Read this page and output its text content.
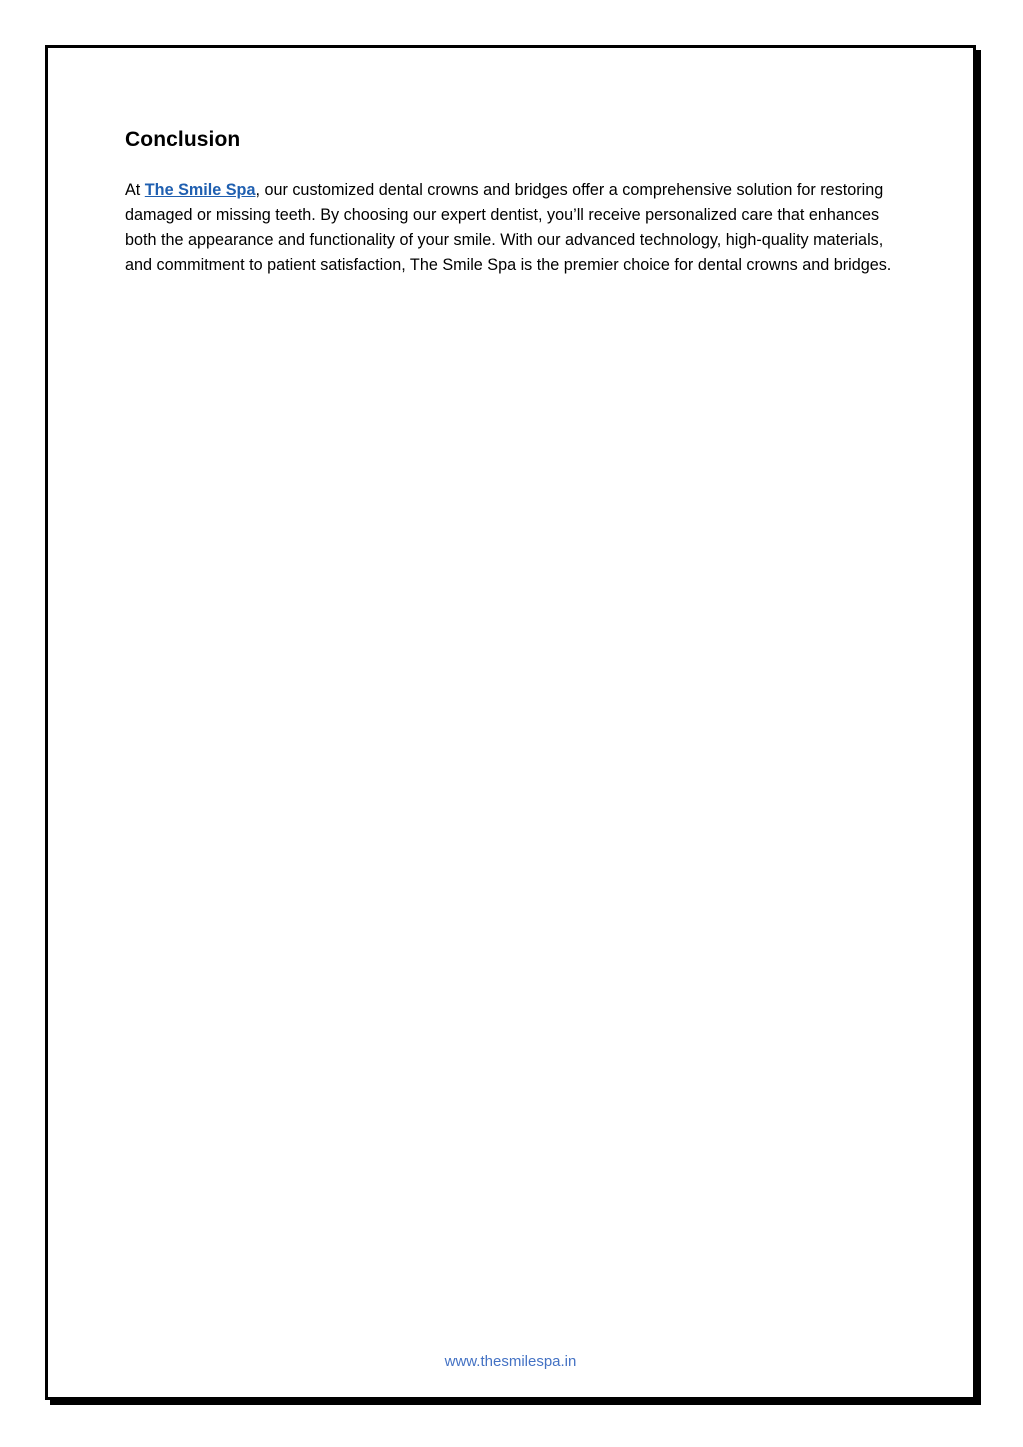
Conclusion

At The Smile Spa, our customized dental crowns and bridges offer a comprehensive solution for restoring damaged or missing teeth. By choosing our expert dentist, you’ll receive personalized care that enhances both the appearance and functionality of your smile. With our advanced technology, high-quality materials, and commitment to patient satisfaction, The Smile Spa is the premier choice for dental crowns and bridges.

www.thesmilespa.in
